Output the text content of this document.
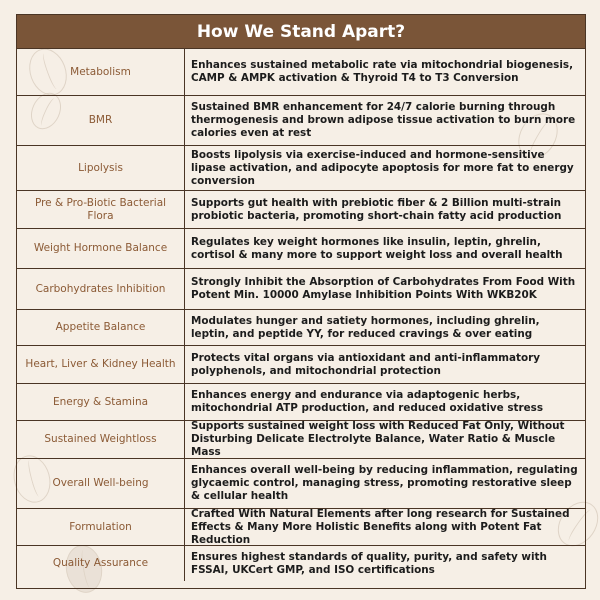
How We Stand Apart?
Metabolism
Enhances sustained metabolic rate via mitochondrial biogenesis, CAMP & AMPK activation & Thyroid T4 to T3 Conversion
BMR
Sustained BMR enhancement for 24/7 calorie burning through thermogenesis and brown adipose tissue activation to burn more calories even at rest
Lipolysis
Boosts lipolysis via exercise-induced and hormone-sensitive lipase activation, and adipocyte apoptosis for more fat to energy conversion
Pre & Pro-Biotic Bacterial Flora
Supports gut health with prebiotic fiber & 2 Billion multi-strain probiotic bacteria, promoting short-chain fatty acid production
Weight Hormone Balance
Regulates key weight hormones like insulin, leptin, ghrelin, cortisol & many more to support weight loss and overall health
Carbohydrates Inhibition
Strongly Inhibit the Absorption of Carbohydrates From Food With Potent Min. 10000 Amylase Inhibition Points With WKB20K
Appetite Balance
Modulates hunger and satiety hormones, including ghrelin, leptin, and peptide YY, for reduced cravings & over eating
Heart, Liver & Kidney Health
Protects vital organs via antioxidant and anti-inflammatory polyphenols, and mitochondrial protection
Energy & Stamina
Enhances energy and endurance via adaptogenic herbs, mitochondrial ATP production, and reduced oxidative stress
Sustained Weightloss
Supports sustained weight loss with Reduced Fat Only, Without Disturbing Delicate Electrolyte Balance, Water Ratio & Muscle Mass
Overall Well-being
Enhances overall well-being by reducing inflammation, regulating glycaemic control, managing stress, promoting restorative sleep & cellular health
Formulation
Crafted With Natural Elements after long research for Sustained Effects & Many More Holistic Benefits along with Potent Fat Reduction
Quality Assurance
Ensures highest standards of quality, purity, and safety with FSSAI, UKCert GMP, and ISO certifications
